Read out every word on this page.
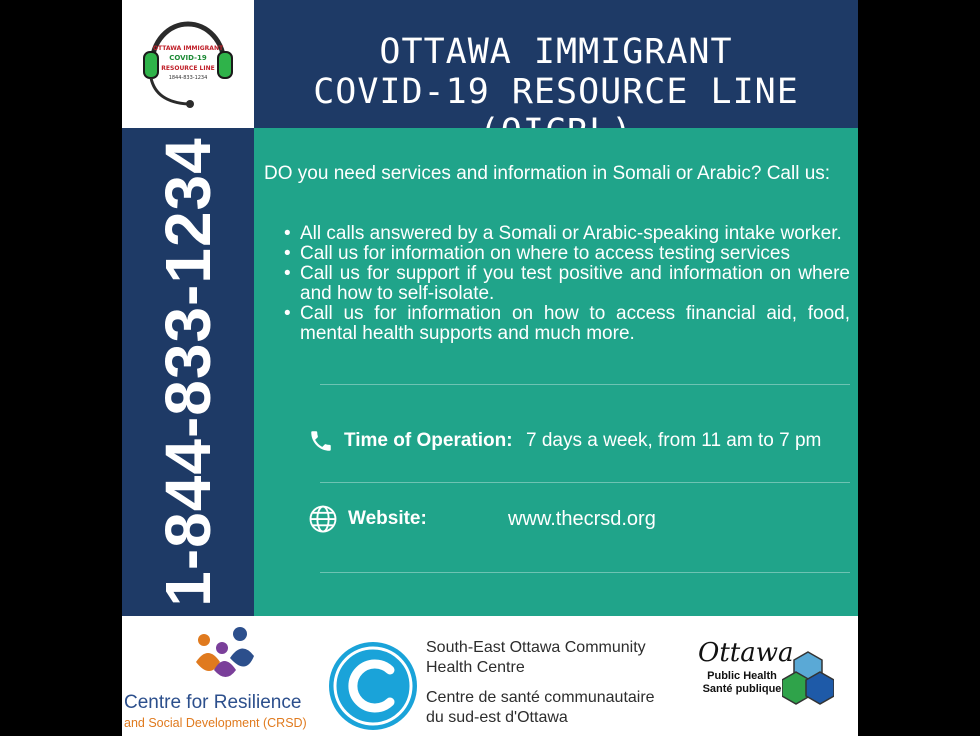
OTTAWA IMMIGRANT
COVID-19
RESOURCE LINE
1844-833-1234
OTTAWA IMMIGRANT
COVID-19 RESOURCE LINE
1-844-833-1234 DO you need services and information in Somali or Arabic? Call us:
• All calls answered by a Somali or Arabic-speaking intake worker.
• Call us for information on where to access testing services
• Call us for support if you test positive and information on where and how to self-isolate.
• Call us for information on how to access financial aid, food, mental health supports and much more.
Time of Operation: 7 days a week, from 11 am to 7 pm
Website:	www.thecrsd.org
Centre for Resilience
and Social Development (CRSD)
South-East Ottawa Community
Health Centre
Centre de santé communautaire
du sud-est d'Ottawa
Ottawa
Public Health
Santé publique
